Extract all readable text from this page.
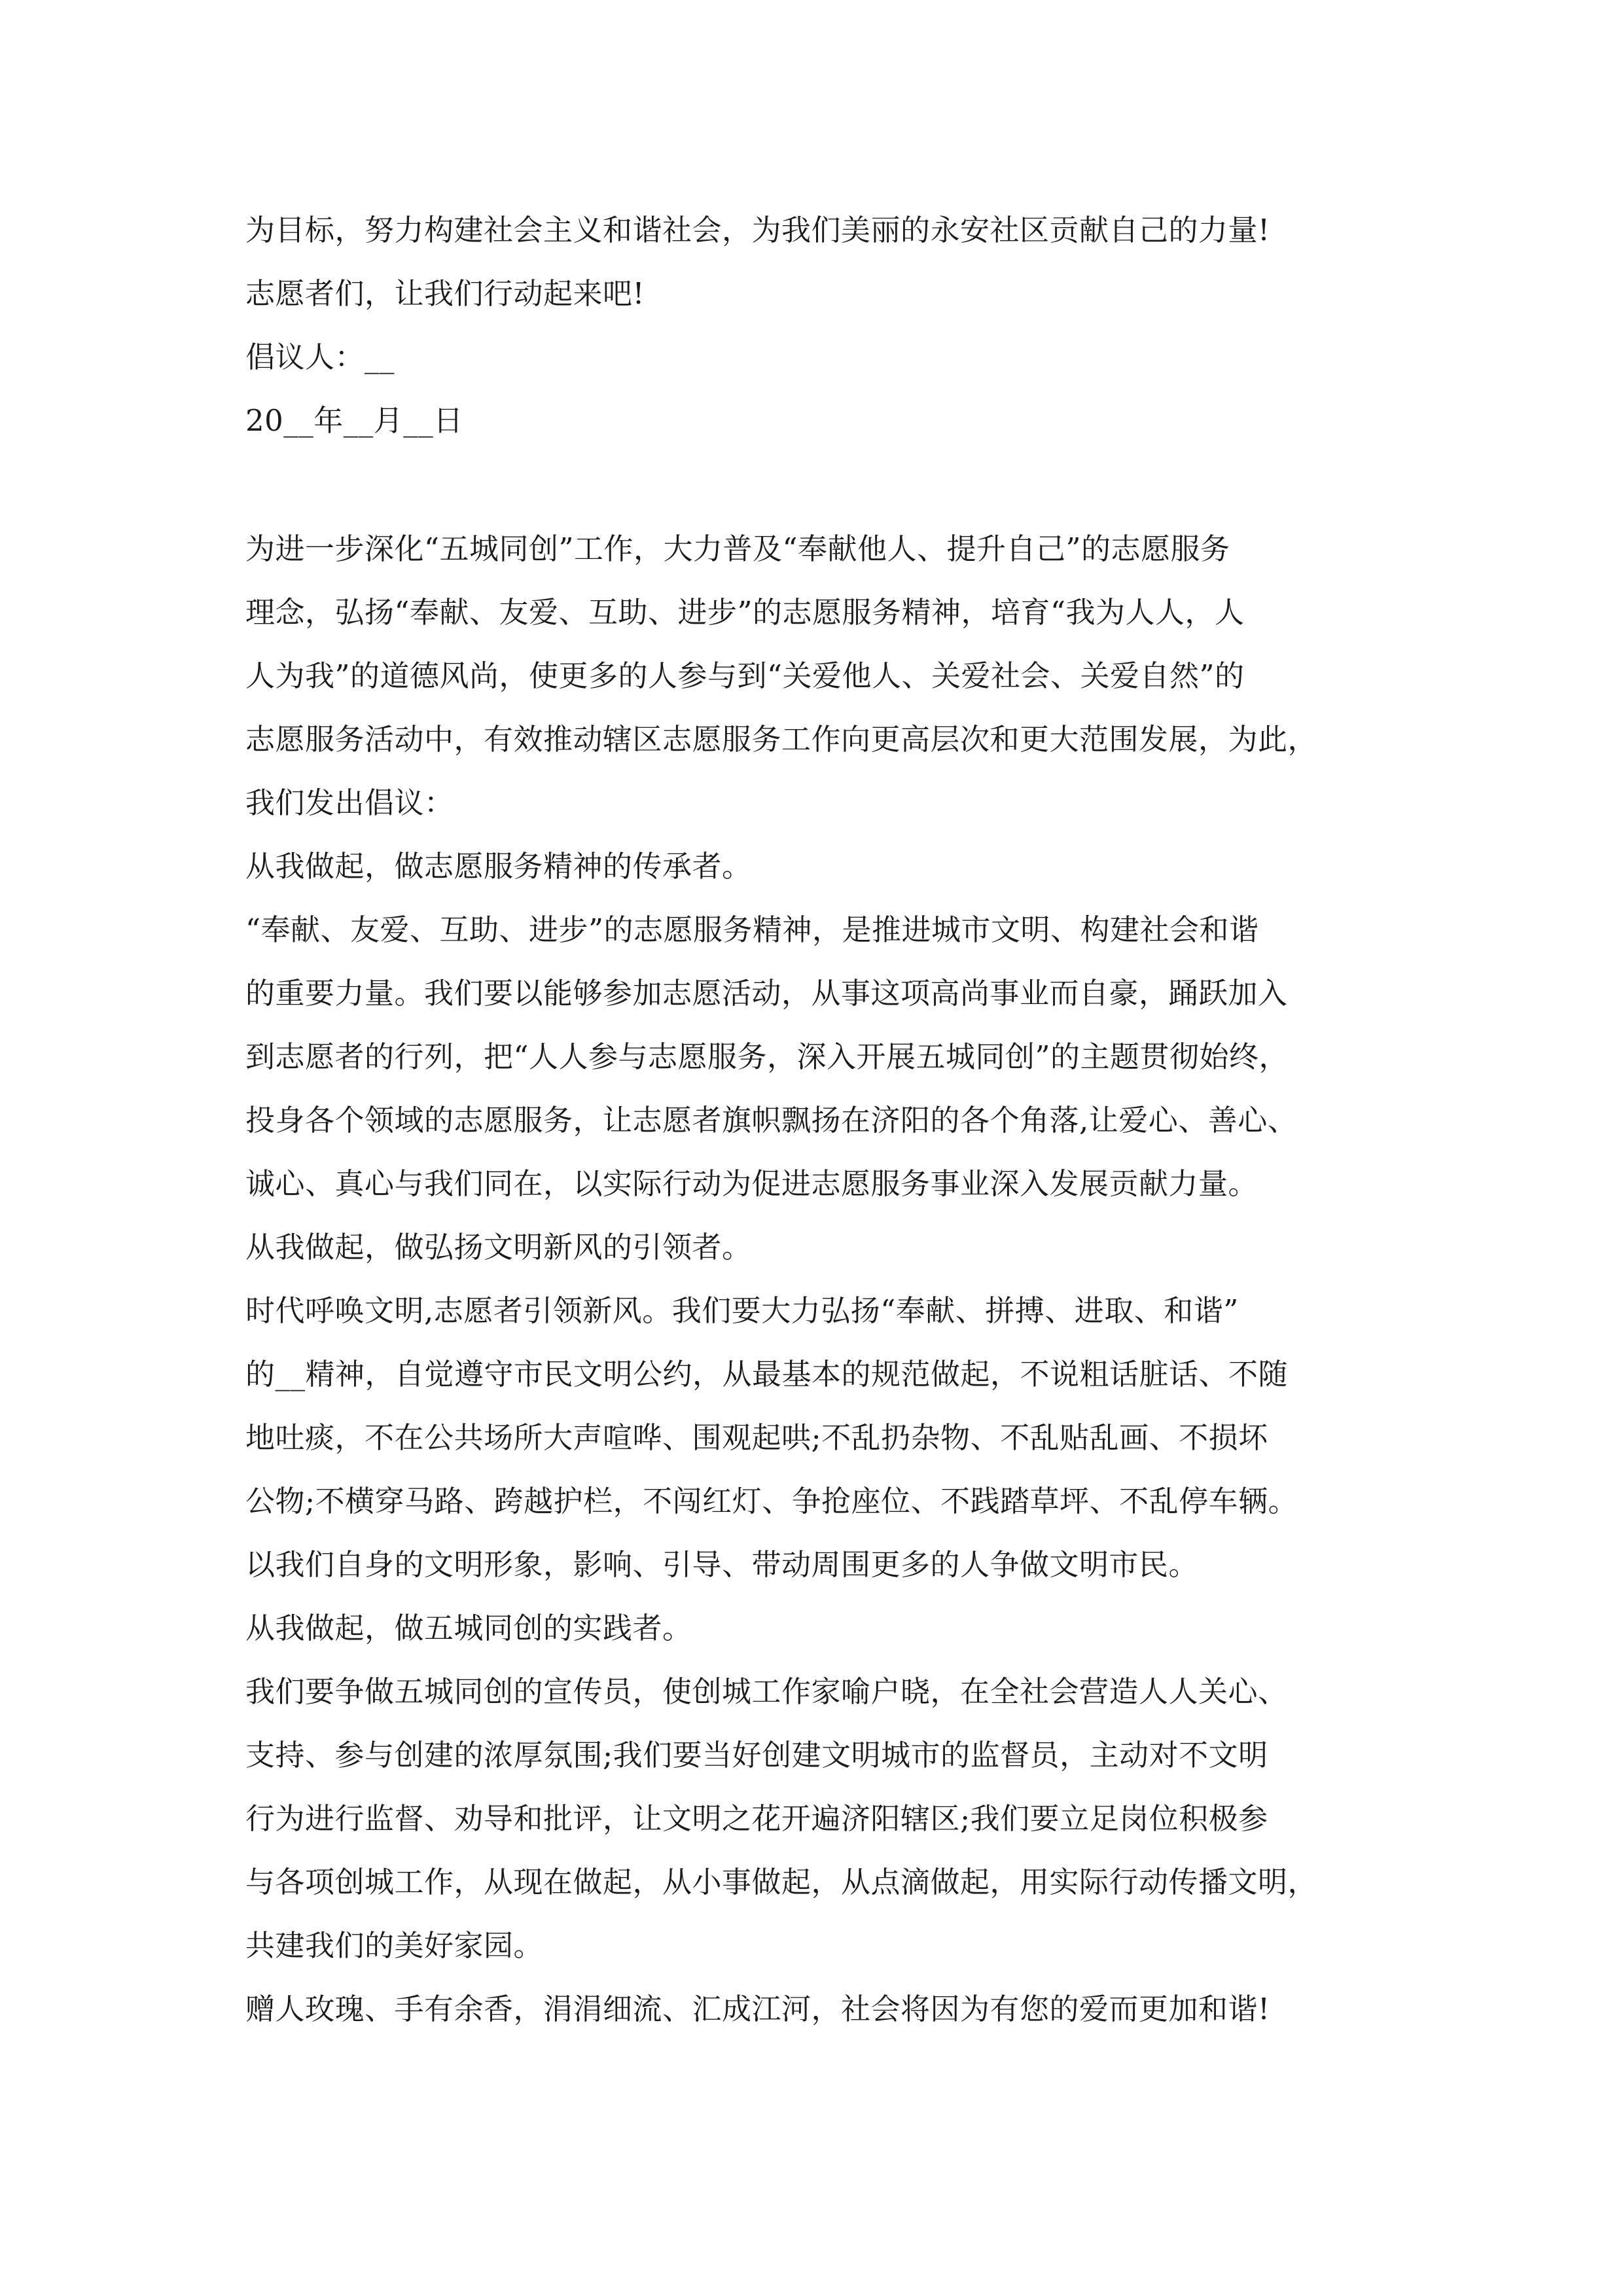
为目标，努力构建社会主义和谐社会，为我们美丽的永安社区贡献自己的力量!
志愿者们，让我们行动起来吧!
倡议人：__
20__年__月__日
为进一步深化“五城同创”工作，大力普及“奉献他人、提升自己”的志愿服务
理念，弘扬“奉献、友爱、互助、进步”的志愿服务精神，培育“我为人人，人
人为我”的道德风尚，使更多的人参与到“关爱他人、关爱社会、关爱自然”的
志愿服务活动中，有效推动辖区志愿服务工作向更高层次和更大范围发展，为此，
我们发出倡议：
从我做起，做志愿服务精神的传承者。
“奉献、友爱、互助、进步”的志愿服务精神，是推进城市文明、构建社会和谐
的重要力量。我们要以能够参加志愿活动，从事这项高尚事业而自豪，踊跃加入
到志愿者的行列，把“人人参与志愿服务，深入开展五城同创”的主题贯彻始终，
投身各个领域的志愿服务，让志愿者旗帜飘扬在济阳的各个角落,让爱心、善心、
诚心、真心与我们同在，以实际行动为促进志愿服务事业深入发展贡献力量。
从我做起，做弘扬文明新风的引领者。
时代呼唤文明,志愿者引领新风。我们要大力弘扬“奉献、拼搏、进取、和谐”
的__精神，自觉遵守市民文明公约，从最基本的规范做起，不说粗话脏话、不随
地吐痰，不在公共场所大声喧哗、围观起哄;不乱扔杂物、不乱贴乱画、不损坏
公物;不横穿马路、跨越护栏，不闯红灯、争抢座位、不践踏草坪、不乱停车辆。
以我们自身的文明形象，影响、引导、带动周围更多的人争做文明市民。
从我做起，做五城同创的实践者。
我们要争做五城同创的宣传员，使创城工作家喻户晓，在全社会营造人人关心、
支持、参与创建的浓厚氛围;我们要当好创建文明城市的监督员，主动对不文明
行为进行监督、劝导和批评，让文明之花开遍济阳辖区;我们要立足岗位积极参
与各项创城工作，从现在做起，从小事做起，从点滴做起，用实际行动传播文明，
共建我们的美好家园。
赠人玫瑰、手有余香，涓涓细流、汇成江河，社会将因为有您的爱而更加和谐!
